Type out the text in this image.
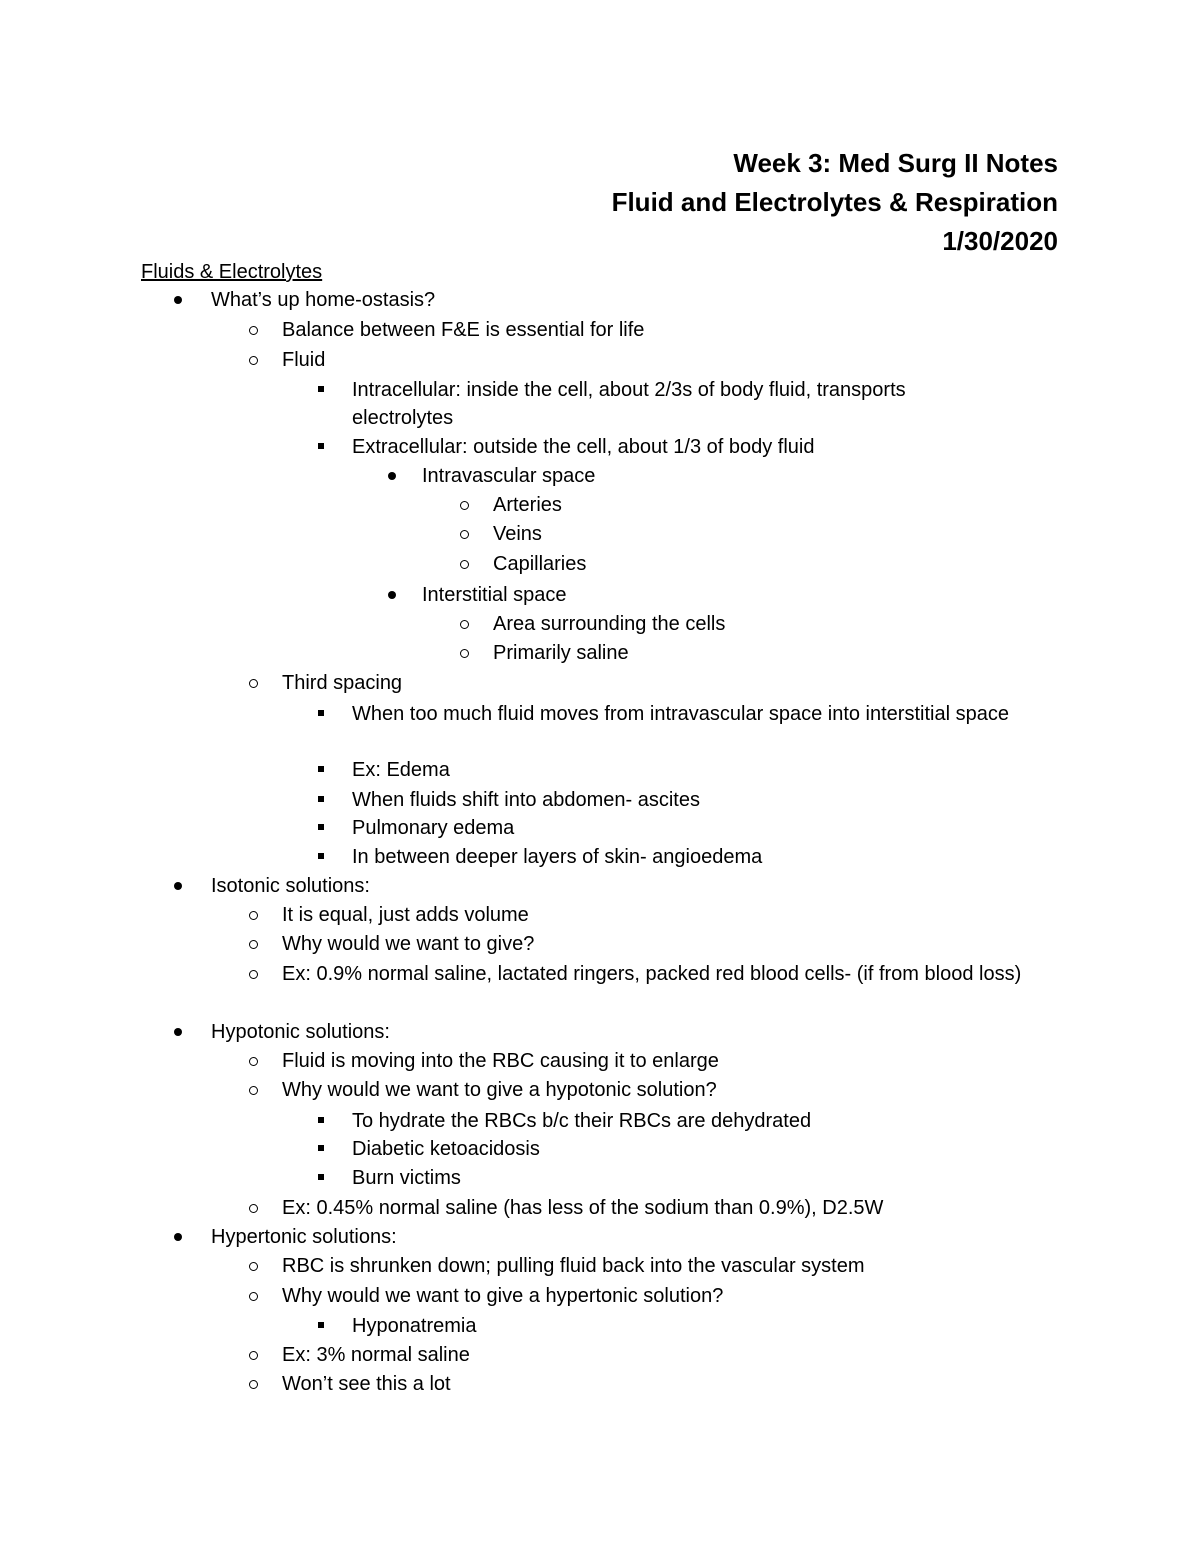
Week 3: Med Surg II Notes
Fluid and Electrolytes & Respiration
1/30/2020
Fluids & Electrolytes
What’s up home-ostasis?
Balance between F&E is essential for life
Fluid
Intracellular: inside the cell, about 2/3s of body fluid, transports electrolytes
Extracellular: outside the cell, about 1/3 of body fluid
Intravascular space
Arteries
Veins
Capillaries
Interstitial space
Area surrounding the cells
Primarily saline
Third spacing
When too much fluid moves from intravascular space into interstitial space
Ex: Edema
When fluids shift into abdomen- ascites
Pulmonary edema
In between deeper layers of skin- angioedema
Isotonic solutions:
It is equal, just adds volume
Why would we want to give?
Ex: 0.9% normal saline, lactated ringers, packed red blood cells- (if from blood loss)
Hypotonic solutions:
Fluid is moving into the RBC causing it to enlarge
Why would we want to give a hypotonic solution?
To hydrate the RBCs b/c their RBCs are dehydrated
Diabetic ketoacidosis
Burn victims
Ex: 0.45% normal saline (has less of the sodium than 0.9%), D2.5W
Hypertonic solutions:
RBC is shrunken down; pulling fluid back into the vascular system
Why would we want to give a hypertonic solution?
Hyponatremia
Ex: 3% normal saline
Won’t see this a lot
